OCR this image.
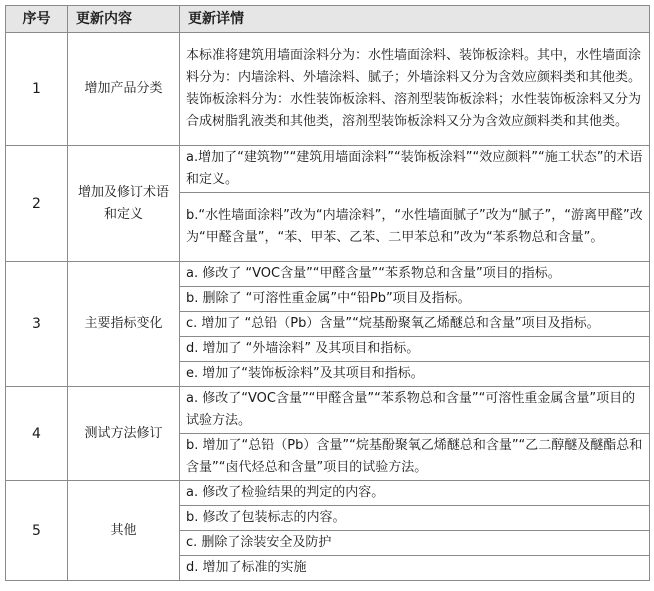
序号	更新内容	更新详情
1	增加产品分类	本标准将建筑用墙面涂料分为：水性墙面涂料、装饰板涂料。其中，水性墙面涂料分为：内墙涂料、外墙涂料、腻子；外墙涂料又分为含效应颜料类和其他类。装饰板涂料分为：水性装饰板涂料、溶剂型装饰板涂料；水性装饰板涂料又分为合成树脂乳液类和其他类，溶剂型装饰板涂料又分为含效应颜料类和其他类。
2	增加及修订术语和定义	a.增加了“建筑物”“建筑用墙面涂料”“装饰板涂料”“效应颜料”“施工状态”的术语和定义。
		b.“水性墙面涂料”改为“内墙涂料”，“水性墙面腻子”改为“腻子”，“游离甲醛”改为“甲醛含量”，“苯、甲苯、乙苯、二甲苯总和”改为“苯系物总和含量”。
3	主要指标变化	a. 修改了 “VOC含量”“甲醛含量”“苯系物总和含量”项目的指标。
		b. 删除了 “可溶性重金属”中“铅Pb”项目及指标。
		c. 增加了 “总铅（Pb）含量”“烷基酚聚氧乙烯醚总和含量”项目及指标。
		d. 增加了 “外墙涂料” 及其项目和指标。
		e. 增加了“装饰板涂料”及其项目和指标。
4	测试方法修订	a. 修改了“VOC含量”“甲醛含量”“苯系物总和含量”“可溶性重金属含量”项目的试验方法。
		b. 增加了“总铅（Pb）含量”“烷基酚聚氧乙烯醚总和含量”“乙二醇醚及醚酯总和含量”“卤代烃总和含量”项目的试验方法。
5	其他	a. 修改了检验结果的判定的内容。
		b. 修改了包装标志的内容。
		c. 删除了涂装安全及防护
		d. 增加了标准的实施
